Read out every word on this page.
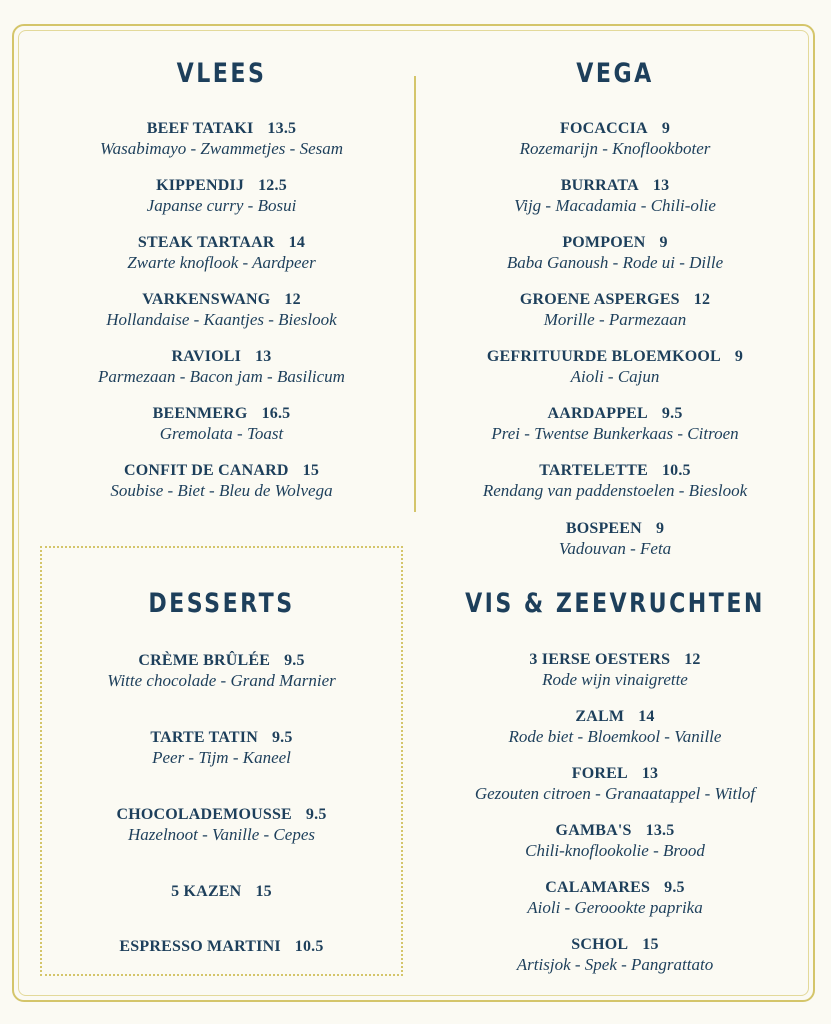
VLEES	VEGA
DESSERTS	VIS & ZEEVRUCHTEN
BEEF TATAKI 13.5
Wasabimayo - Zwammetjes - Sesam
KIPPENDIJ 12.5
Japanse curry - Bosui
STEAK TARTAAR 14
Zwarte knoflook - Aardpeer
VARKENSWANG 12
Hollandaise - Kaantjes - Bieslook
RAVIOLI 13
Parmezaan - Bacon jam - Basilicum
BEENMERG 16.5
Gremolata - Toast
CONFIT DE CANARD 15
Soubise - Biet - Bleu de Wolvega
FOCACCIA 9
Rozemarijn - Knoflookboter
BURRATA 13
Vijg - Macadamia - Chili-olie
POMPOEN 9
Baba Ganoush - Rode ui - Dille
GROENE ASPERGES 12
Morille - Parmezaan
GEFRITUURDE BLOEMKOOL 9
Aioli - Cajun
AARDAPPEL 9.5
Prei - Twentse Bunkerkaas - Citroen
TARTELETTE 10.5
Rendang van paddenstoelen - Bieslook
BOSPEEN 9
Vadouvan - Feta
CRÈME BRÛLÉE 9.5
Witte chocolade - Grand Marnier
TARTE TATIN 9.5
Peer - Tijm - Kaneel
CHOCOLADEMOUSSE 9.5
Hazelnoot - Vanille - Cepes
5 KAZEN 15
ESPRESSO MARTINI 10.5
3 IERSE OESTERS 12
Rode wijn vinaigrette
ZALM 14
Rode biet - Bloemkool - Vanille
FOREL 13
Gezouten citroen - Granaatappel - Witlof
GAMBA'S 13.5
Chili-knoflookolie - Brood
CALAMARES 9.5
Aioli - Geroookte paprika
SCHOL 15
Artisjok - Spek - Pangrattato
